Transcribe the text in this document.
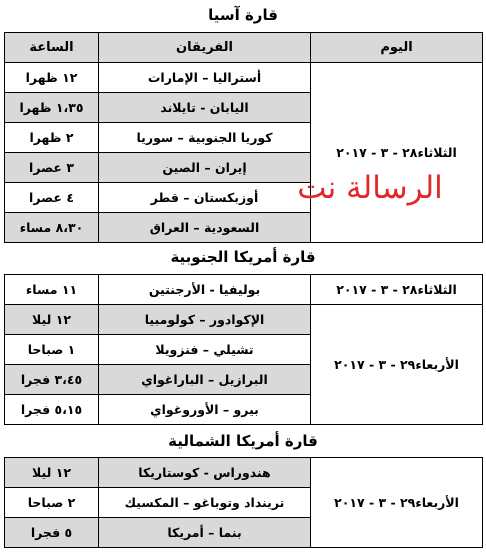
قارة آسيا
اليوم	الفريقان	الساعة
الثلاثاء٢٨ - ٣ - ٢٠١٧	أستراليا – الإمارات	١٢ ظهرا
	اليابان - تايلاند	١،٣٥ ظهرا
	كوريا الجنوبية – سوريا	٢ ظهرا
	إيران – الصين	٣ عصرا
	أوزبكستان – قطر	٤ عصرا
	السعودية – العراق	٨،٣٠ مساء
قارة أمريكا الجنوبية
الثلاثاء٢٨ - ٣ - ٢٠١٧	بوليفيا - الأرجنتين	١١ مساء
الأربعاء٢٩ - ٣ - ٢٠١٧	الإكوادور – كولومبيا	١٢ ليلا
	تشيلي – فنزويلا	١ صباحا
	البرازيل – الباراغواي	٣،٤٥ فجرا
	بيرو – الأوروغواي	٥،١٥ فجرا
قارة أمريكا الشمالية
الأربعاء٢٩ - ٣ - ٢٠١٧	هندوراس - كوستاريكا	١٢ ليلا
	ترينداد وتوباغو – المكسيك	٢ صباحا
	بنما – أمريكا	٥ فجرا
الرسالة نت
